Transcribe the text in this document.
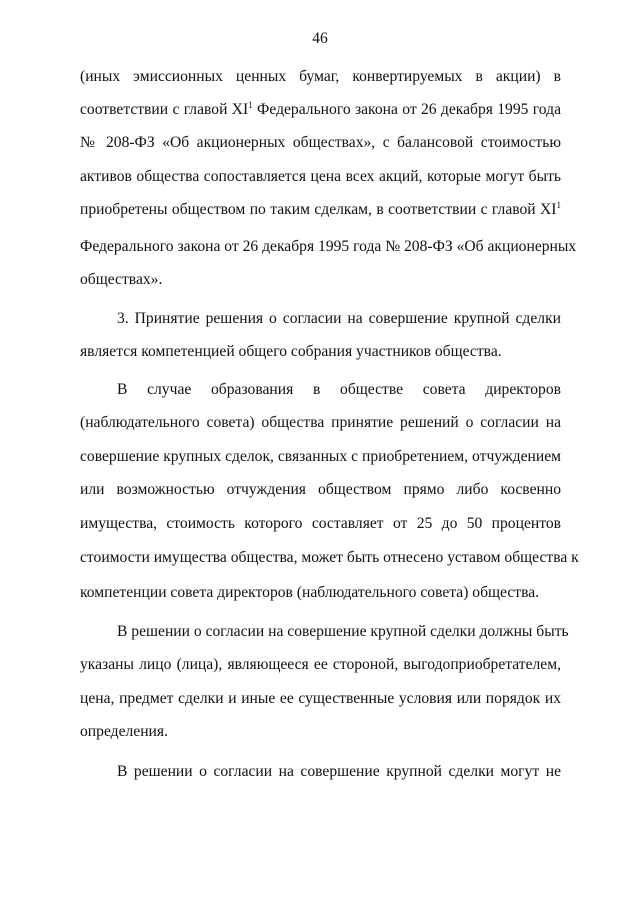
46
(иных эмиссионных ценных бумаг, конвертируемых в акции) в
соответствии с главой $XI^1$ Федерального закона от 26 декабря 1995 года
№ 208-ФЗ «Об акционерных обществах», с балансовой стоимостью
активов общества сопоставляется цена всех акций, которые могут быть
приобретены обществом по таким сделкам, в соответствии с главой $XI^1$
Федерального закона от 26 декабря 1995 года № 208-ФЗ «Об акционерных
обществах».
3. Принятие решения о согласии на совершение крупной сделки
является компетенцией общего собрания участников общества.
В случае образования в обществе совета директоров
(наблюдательного совета) общества принятие решений о согласии на
совершение крупных сделок, связанных с приобретением, отчуждением
или возможностью отчуждения обществом прямо либо косвенно
имущества, стоимость которого составляет от 25 до 50 процентов
стоимости имущества общества, может быть отнесено уставом общества к
компетенции совета директоров (наблюдательного совета) общества.
В решении о согласии на совершение крупной сделки должны быть
указаны лицо (лица), являющееся ее стороной, выгодоприобретателем,
цена, предмет сделки и иные ее существенные условия или порядок их
определения.
В решении о согласии на совершение крупной сделки могут не
